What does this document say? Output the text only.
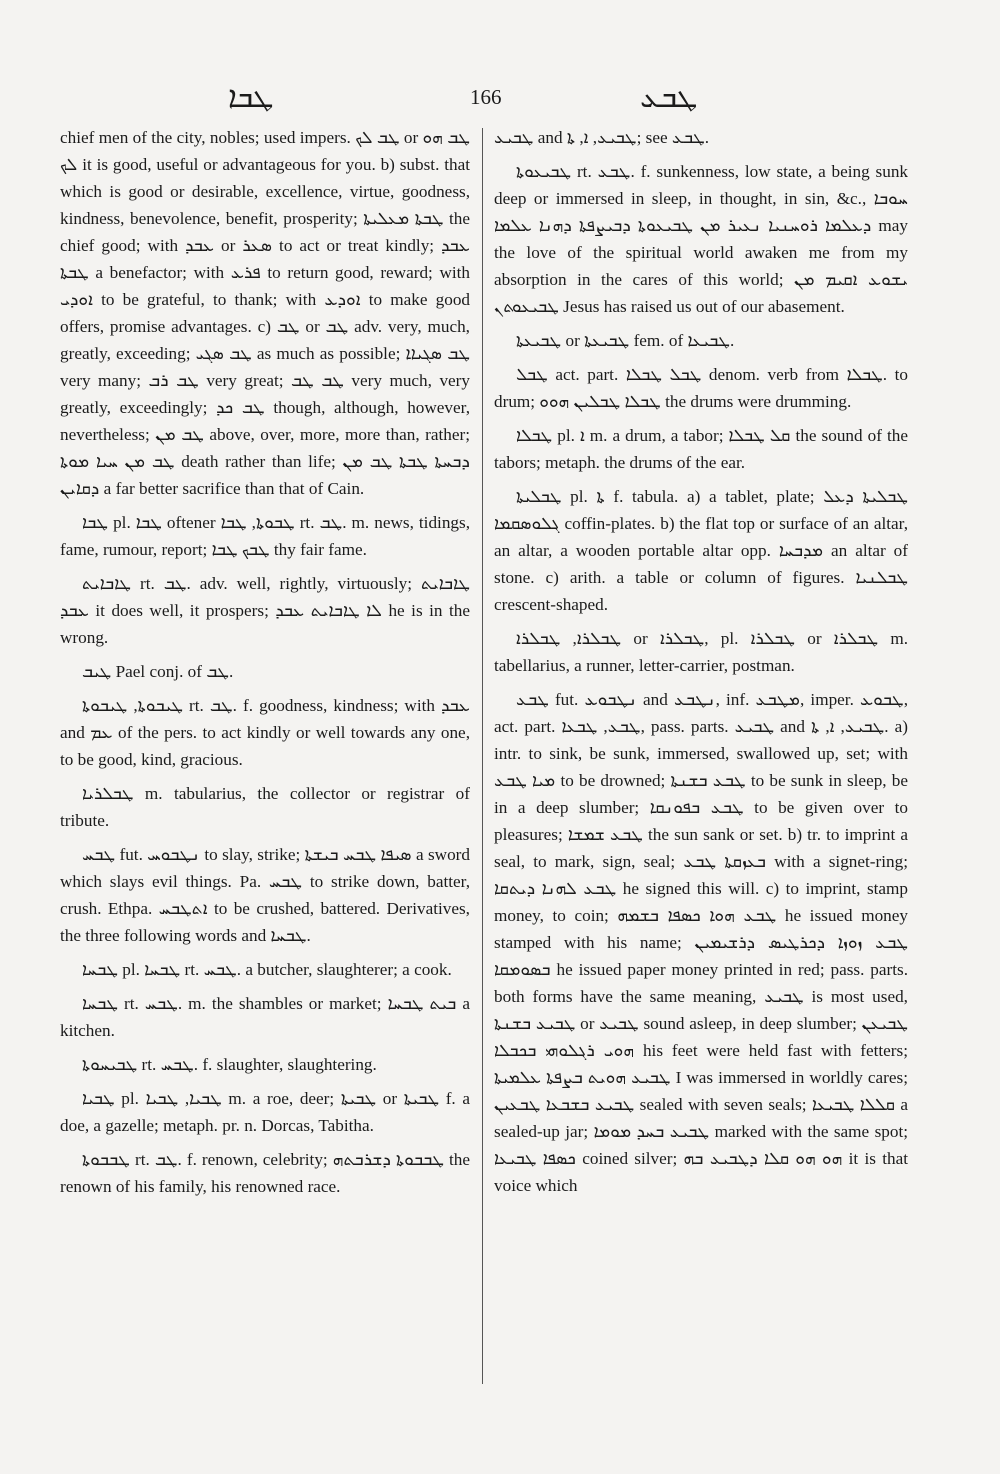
ܛܒܐ	166	ܛܒܥ

chief men of the city, nobles; used impers. ܛܒ ܠܟ or ܛܒ ܗܘ ܠܟ it is good, useful or advantageous for you. b) subst. that which is good or desirable, excellence, virtue, goodness, kindness, benevolence, benefit, prosperity; ܛܒܬܐ ܡܥܠܝܬܐ the chief good; with ܥܒܕ or ܣܥܪ to act or treat kindly; ܥܒܕ ܛܒܬܐ a benefactor; with ܦܪܥ to return good, reward; with ܐܘܕܝ to be grateful, to thank; with ܐܘܕܥ to make good offers, promise advantages. c) ܛܒ or ܛܒ adv. very, much, greatly, exceeding; ܛܒ ܣܓܝ as much as possible; ܛܒ ܣܓܝܐܐ very many; ܛܒ ܪܒ very great; ܛܒ ܛܒ very much, very greatly, exceedingly; ܛܒ ܟܕ though, although, however, nevertheless; ܛܒ ܡܢ above, over, more, more than, rather; ܛܒ ܡܢ ܚܝܐ ܡܘܬܐ death rather than life; ܕܒܚܬܐ ܛܒܬܐ ܛܒ ܡܢ ܕܩܐܝܢ a far better sacrifice than that of Cain.

ܛܒܐ pl. ܛܒܐ oftener ܛܒܘܬܐ, ܛܒܐ rt. ܛܒ. m. news, tidings, fame, rumour, report; ܛܒܟ ܛܒܐ thy fair fame.

ܛܐܒܐܝܬ rt. ܛܒ. adv. well, rightly, virtuously; ܛܐܒܐܝܬ ܥܒܕ it does well, it prospers; ܠܐ ܛܐܒܐܝܬ ܥܒܕ he is in the wrong.

ܛܝܒ Pael conj. of ܛܒ.

ܛܝܒܘܬܐ, ܛܝܒܘܬܐ rt. ܛܒ. f. goodness, kindness; with ܥܒܕ and ܥܡ of the pers. to act kindly or well towards any one, to be good, kind, gracious.

ܛܒܠܪܝܐ m. tabularius, the collector or registrar of tribute.

ܛܒܚ fut. ܢܛܒܘܚ to slay, strike; ܣܝܦܐ ܛܒܚ ܒܝܫܬܐ a sword which slays evil things. Pa. ܛܒܚ to strike down, batter, crush. Ethpa. ܐܬܛܒܚ to be crushed, battered. Derivatives, the three following words and ܛܒܚܐ.

ܛܒܚܐ pl. ܛܒܚܐ rt. ܛܒܚ. a butcher, slaughterer; a cook.

ܛܒܚܐ rt. ܛܒܚ. m. the shambles or market; ܒܝܬ ܛܒܚܐ a kitchen.

ܛܒܝܚܘܬܐ rt. ܛܒܚ. f. slaughter, slaughtering.

ܛܒܝܐ pl. ܛܒܝܐ, ܛܒܝܐ m. a roe, deer; ܛܒܝܬܐ or ܛܒܝܬܐ f. a doe, a gazelle; metaph. pr. n. Dorcas, Tabitha.

ܛܒܒܘܬܐ rt. ܛܒ. f. renown, celebrity; ܛܒܒܘܬܐ ܕܫܪܒܬܗ the renown of his family, his renowned race.

ܛܒܝܥ and ܛܒܝܥ, ܐ, ܬܐ; see ܛܒܥ.

ܛܒܝܥܘܬܐ rt. ܛܒܥ. f. sunkenness, low state, a being sunk deep or immersed in sleep, in thought, in sin, &c., ܚܘܒܐ ܕܥܠܡܐ ܪܘܚܢܝܐ ܢܥܝܪ ܡܢ ܛܒܝܥܘܬܐ ܕܒܝܨܦܬܐ ܕܗܢܐ ܥܠܡܐ may the love of the spiritual world awaken me from my absorption in the cares of this world; ܝܫܘܥ ܐܩܝܡ ܡܢ ܛܒܝܥܘܬܢ Jesus has raised us out of our abasement.

ܛܒܝܥܬܐ or ܛܒܝܥܬܐ fem. of ܛܒܝܥܐ.

ܛܒܠ act. part. ܛܒܠ ܛܒܠܐ denom. verb from ܛܒܠܐ. to drum; ܛܒܠܐ ܛܒܠܝܢ ܗܘܘ the drums were drumming.

ܛܒܠܐ pl. ܐ m. a drum, a tabor; ܩܠ ܛܒܠܐ the sound of the tabors; metaph. the drums of the ear.

ܛܒܠܝܬܐ pl. ܬܐ f. tabula. a) a tablet, plate; ܛܒܠܝܬܐ ܕܥܠ ܓܠܘܣܩܡܐ coffin-plates. b) the flat top or surface of an altar, an altar, a wooden portable altar opp. ܡܕܒܚܐ an altar of stone. c) arith. a table or column of figures. ܛܒܠܢܝܐ crescent-shaped.

ܛܒܠܪܐ, ܛܒܠܪܐ or ܛܒܠܪܐ, pl. ܛܒܠܪܐ or ܛܒܠܪܐ m. tabellarius, a runner, letter-carrier, postman.

ܛܒܥ fut. ܢܛܒܘܥ and ܢܛܒܥ, inf. ܡܛܒܥ, imper. ܛܒܘܥ, act. part. ܛܒܥ, ܛܒܥܐ, pass. parts. ܛܒܝܥ and ܛܒܝܥ, ܐ, ܬܐ. a) intr. to sink, be sunk, immersed, swallowed up, set; with ܡܝܐ ܛܒܥ to be drowned; ܛܒܥ ܒܫܢܬܐ to be sunk in sleep, be in a deep slumber; ܛܒܥ ܒܦܘܢܩܐ to be given over to pleasures; ܛܒܥ ܫܡܫܐ the sun sank or set. b) tr. to imprint a seal, to mark, sign, seal; ܒܥܙܩܬܐ ܛܒܥ with a signet-ring; ܛܒܥ ܠܗܢܐ ܕܝܬܩܐ he signed this will. c) to imprint, stamp money, to coin; ܛܒܥ ܗܘܐ ܟܣܦܐ ܒܫܡܗ he issued money stamped with his name; ܛܒܥ ܙܘܙܐ ܕܟܪܛܝܣ ܕܪܫܝܡܝܢ ܒܣܘܡܩܐ he issued paper money printed in red; pass. parts. both forms have the same meaning, ܛܒܝܥ is most used, ܛܒܝܥ ܒܫܢܬܐ or ܛܒܝܥ sound asleep, in deep slumber; ܛܒܝܥܢ ܗܘܝ ܪܓܠܘܗܝ ܒܟܒܠܐ his feet were held fast with fetters; ܛܒܝܥ ܗܘܝܬ ܒܨܦܬܐ ܥܠܡܝܬܐ I was immersed in worldly cares; ܛܒܝܥ ܒܫܒܥܐ ܛܒܥܝܢ sealed with seven seals; ܩܠܠܐ ܛܒܝܥܐ a sealed-up jar; ܛܒܝܥ ܒܚܕ ܡܘܡܐ marked with the same spot; ܟܣܦܐ ܛܒܝܥܐ coined silver; ܗܘ ܗܘ ܩܠܐ ܕܛܒܝܥ ܒܗ it is that voice which
